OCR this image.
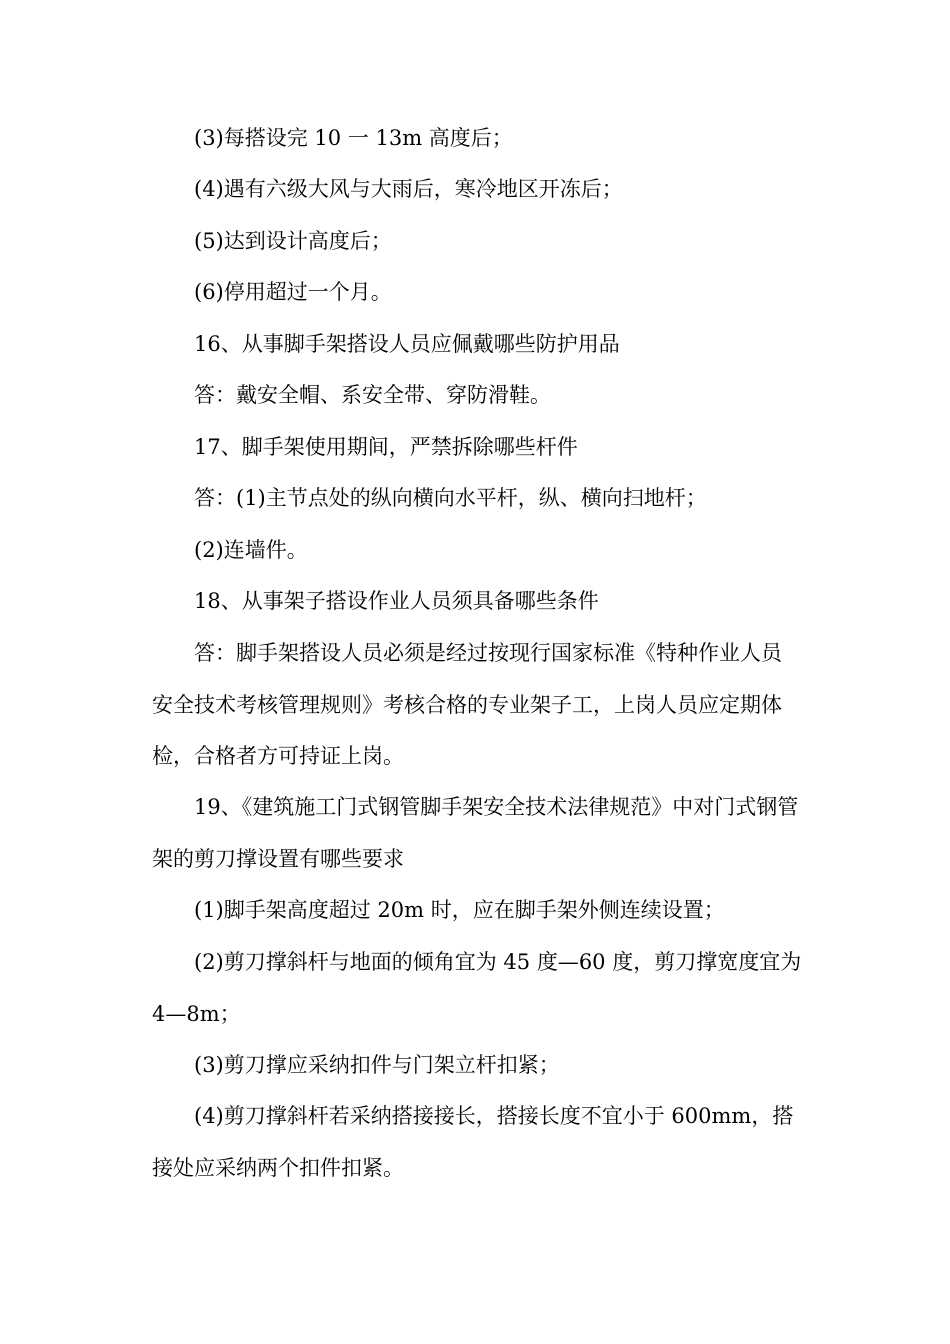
(3)每搭设完 10 一 13m 高度后；

(4)遇有六级大风与大雨后，寒冷地区开冻后；

(5)达到设计高度后；

(6)停用超过一个月。

16、从事脚手架搭设人员应佩戴哪些防护用品

答：戴安全帽、系安全带、穿防滑鞋。

17、脚手架使用期间，严禁拆除哪些杆件

答：(1)主节点处的纵向横向水平杆，纵、横向扫地杆；

(2)连墙件。

18、从事架子搭设作业人员须具备哪些条件

答：脚手架搭设人员必须是经过按现行国家标准《特种作业人员安全技术考核管理规则》考核合格的专业架子工，上岗人员应定期体检，合格者方可持证上岗。

19、《建筑施工门式钢管脚手架安全技术法律规范》中对门式钢管架的剪刀撑设置有哪些要求

(1)脚手架高度超过 20m 时，应在脚手架外侧连续设置；

(2)剪刀撑斜杆与地面的倾角宜为 45 度—60 度，剪刀撑宽度宜为 4—8m；

(3)剪刀撑应采纳扣件与门架立杆扣紧；

(4)剪刀撑斜杆若采纳搭接接长，搭接长度不宜小于 600mm，搭接处应采纳两个扣件扣紧。
